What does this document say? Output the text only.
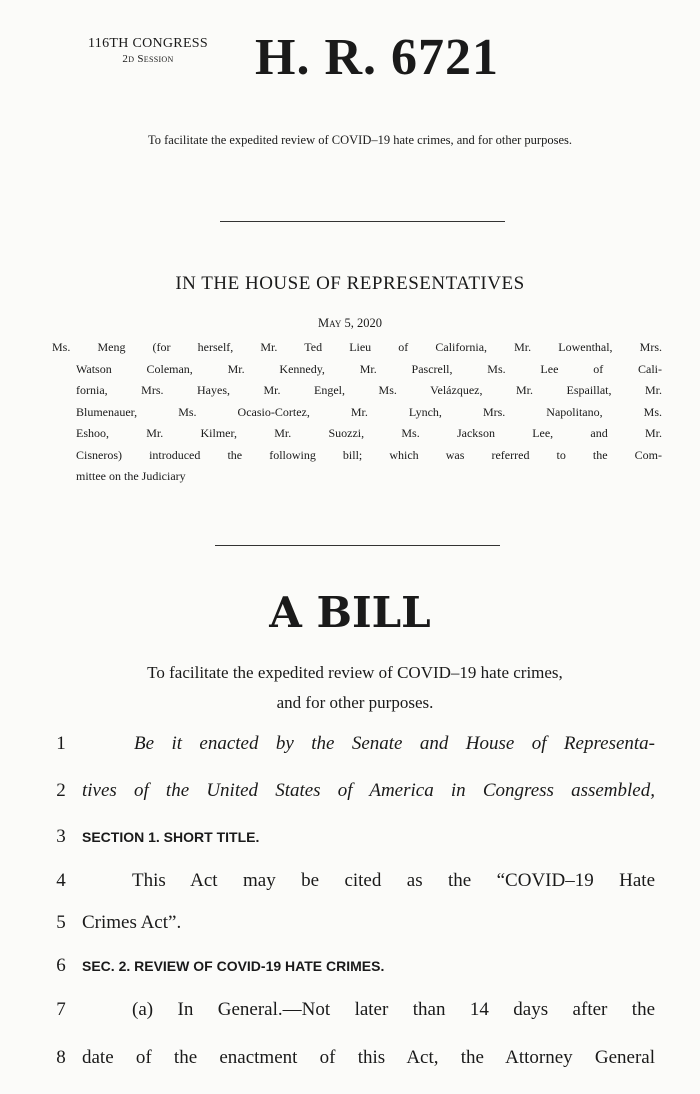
116TH CONGRESS
2d Session	H. R. 6721
To facilitate the expedited review of COVID–19 hate crimes, and for other purposes.
IN THE HOUSE OF REPRESENTATIVES
May 5, 2020
Ms. Meng (for herself, Mr. Ted Lieu of California, Mr. Lowenthal, Mrs.
Watson Coleman, Mr. Kennedy, Mr. Pascrell, Ms. Lee of Cali-
fornia, Mrs. Hayes, Mr. Engel, Ms. Velázquez, Mr. Espaillat, Mr.
Blumenauer, Ms. Ocasio-Cortez, Mr. Lynch, Mrs. Napolitano, Ms.
Eshoo, Mr. Kilmer, Mr. Suozzi, Ms. Jackson Lee, and Mr.
Cisneros) introduced the following bill; which was referred to the Com-
mittee on the Judiciary
A BILL
To facilitate the expedited review of COVID–19 hate crimes,
and for other purposes.
1	Be it enacted by the Senate and House of Representa-
2 tives of the United States of America in Congress assembled,
3	SECTION 1. SHORT TITLE.
4	This Act may be cited as the “COVID–19 Hate
5 Crimes Act”.
6	SEC. 2. REVIEW OF COVID-19 HATE CRIMES.
7	(a) In General.—Not later than 14 days after the
8 date of the enactment of this Act, the Attorney General
